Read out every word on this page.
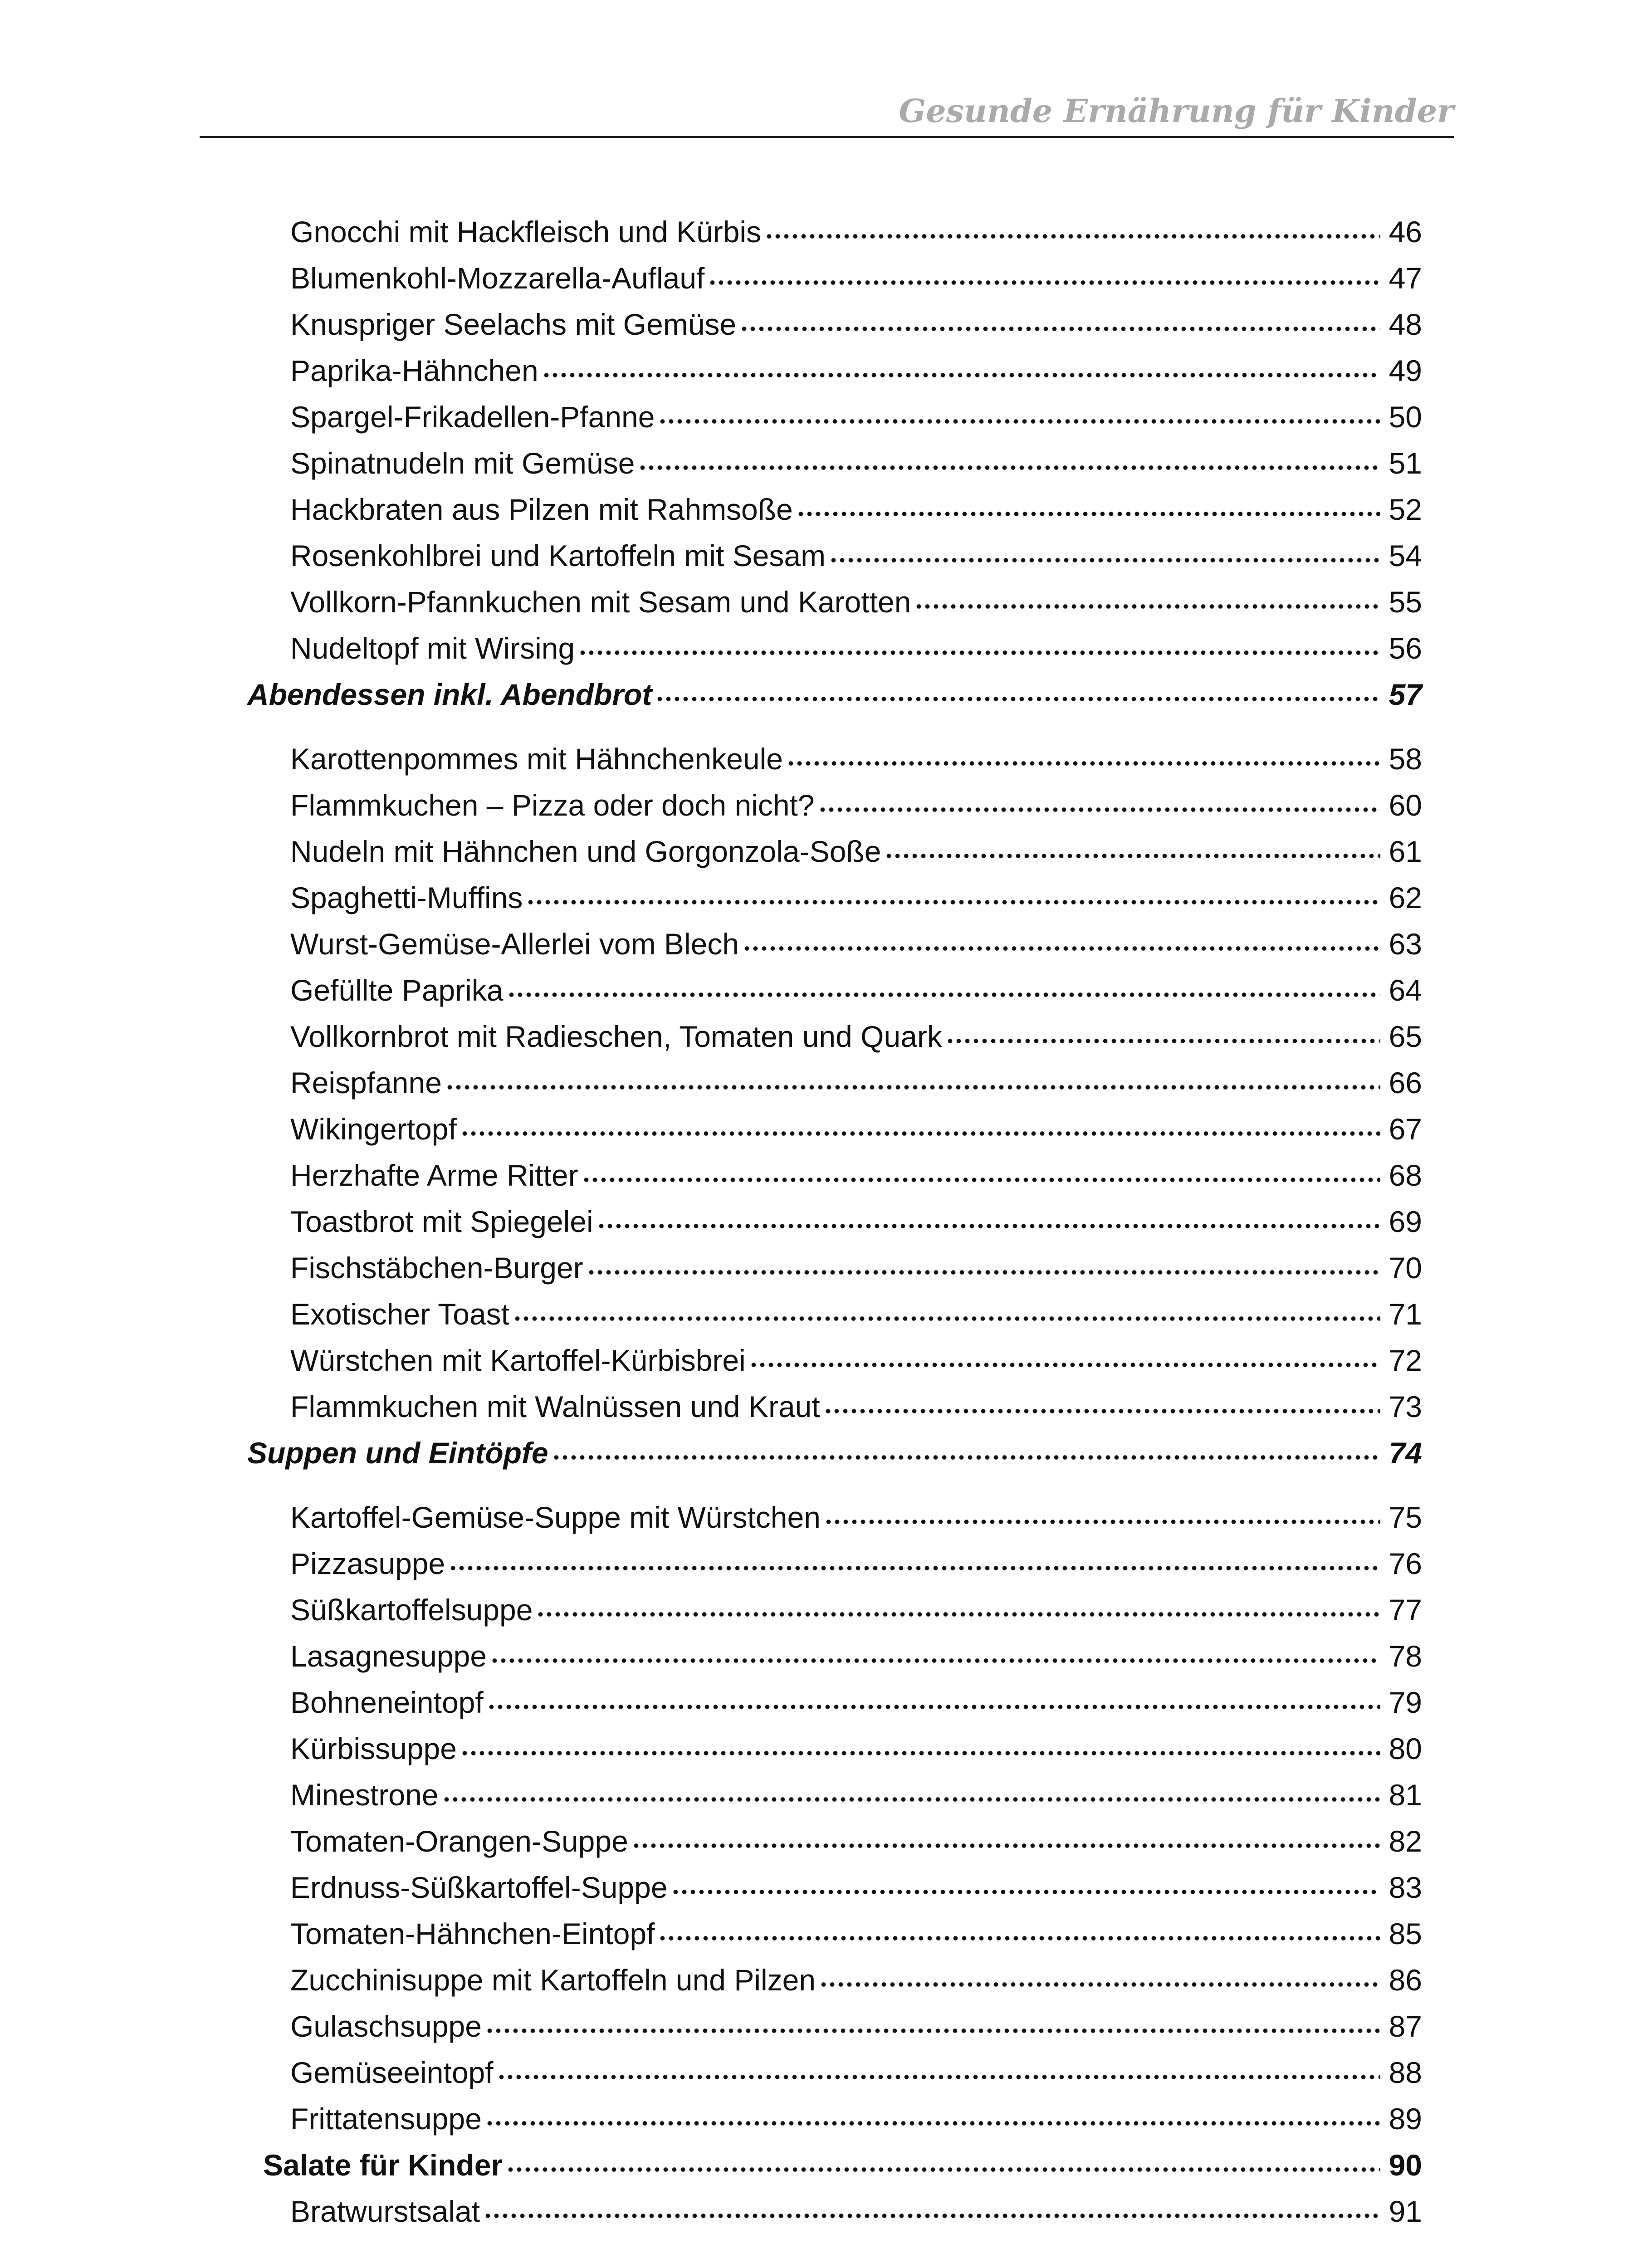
Gesunde Ernährung für Kinder
Gnocchi mit Hackfleisch und Kürbis	46
Blumenkohl-Mozzarella-Auflauf	47
Knuspriger Seelachs mit Gemüse	48
Paprika-Hähnchen	49
Spargel-Frikadellen-Pfanne	50
Spinatnudeln mit Gemüse	51
Hackbraten aus Pilzen mit Rahmsoße	52
Rosenkohlbrei und Kartoffeln mit Sesam	54
Vollkorn-Pfannkuchen mit Sesam und Karotten	55
Nudeltopf mit Wirsing	56
Abendessen inkl. Abendbrot	57
Karottenpommes mit Hähnchenkeule	58
Flammkuchen – Pizza oder doch nicht?	60
Nudeln mit Hähnchen und Gorgonzola-Soße	61
Spaghetti-Muffins	62
Wurst-Gemüse-Allerlei vom Blech	63
Gefüllte Paprika	64
Vollkornbrot mit Radieschen, Tomaten und Quark	65
Reispfanne	66
Wikingertopf	67
Herzhafte Arme Ritter	68
Toastbrot mit Spiegelei	69
Fischstäbchen-Burger	70
Exotischer Toast	71
Würstchen mit Kartoffel-Kürbisbrei	72
Flammkuchen mit Walnüssen und Kraut	73
Suppen und Eintöpfe	74
Kartoffel-Gemüse-Suppe mit Würstchen	75
Pizzasuppe	76
Süßkartoffelsuppe	77
Lasagnesuppe	78
Bohneneintopf	79
Kürbissuppe	80
Minestrone	81
Tomaten-Orangen-Suppe	82
Erdnuss-Süßkartoffel-Suppe	83
Tomaten-Hähnchen-Eintopf	85
Zucchinisuppe mit Kartoffeln und Pilzen	86
Gulaschsuppe	87
Gemüseeintopf	88
Frittatensuppe	89
Salate für Kinder	90
Bratwurstsalat	91
